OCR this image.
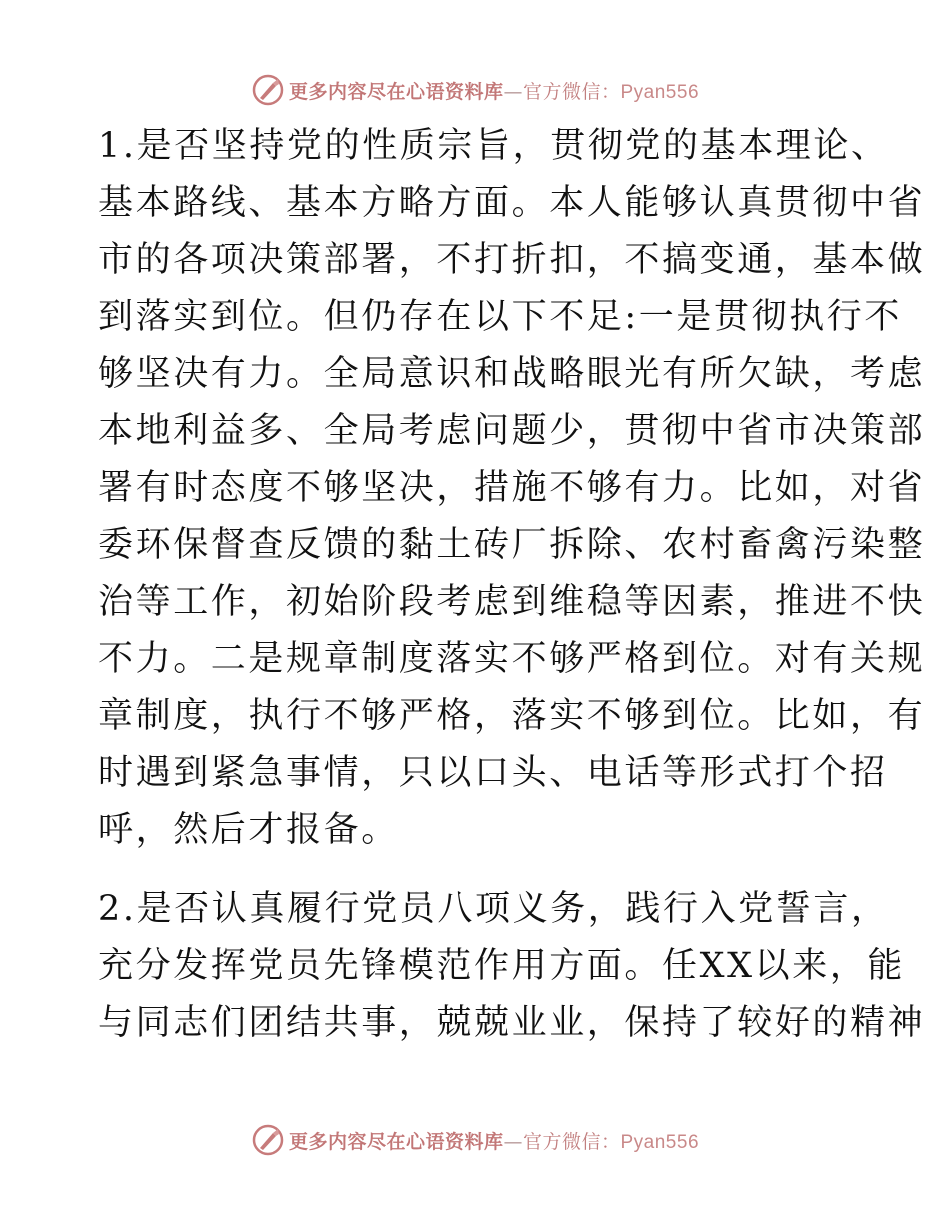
更多内容尽在心语资料库—官方微信：Pyan556

1.是否坚持党的性质宗旨，贯彻党的基本理论、
基本路线、基本方略方面。本人能够认真贯彻中省
市的各项决策部署，不打折扣，不搞变通，基本做
到落实到位。但仍存在以下不足:一是贯彻执行不
够坚决有力。全局意识和战略眼光有所欠缺，考虑
本地利益多、全局考虑问题少，贯彻中省市决策部
署有时态度不够坚决，措施不够有力。比如，对省
委环保督查反馈的黏土砖厂拆除、农村畜禽污染整
治等工作，初始阶段考虑到维稳等因素，推进不快
不力。二是规章制度落实不够严格到位。对有关规
章制度，执行不够严格，落实不够到位。比如，有
时遇到紧急事情，只以口头、电话等形式打个招
呼，然后才报备。

2.是否认真履行党员八项义务，践行入党誓言，
充分发挥党员先锋模范作用方面。任XX以来，能
与同志们团结共事，兢兢业业，保持了较好的精神

更多内容尽在心语资料库—官方微信：Pyan556
